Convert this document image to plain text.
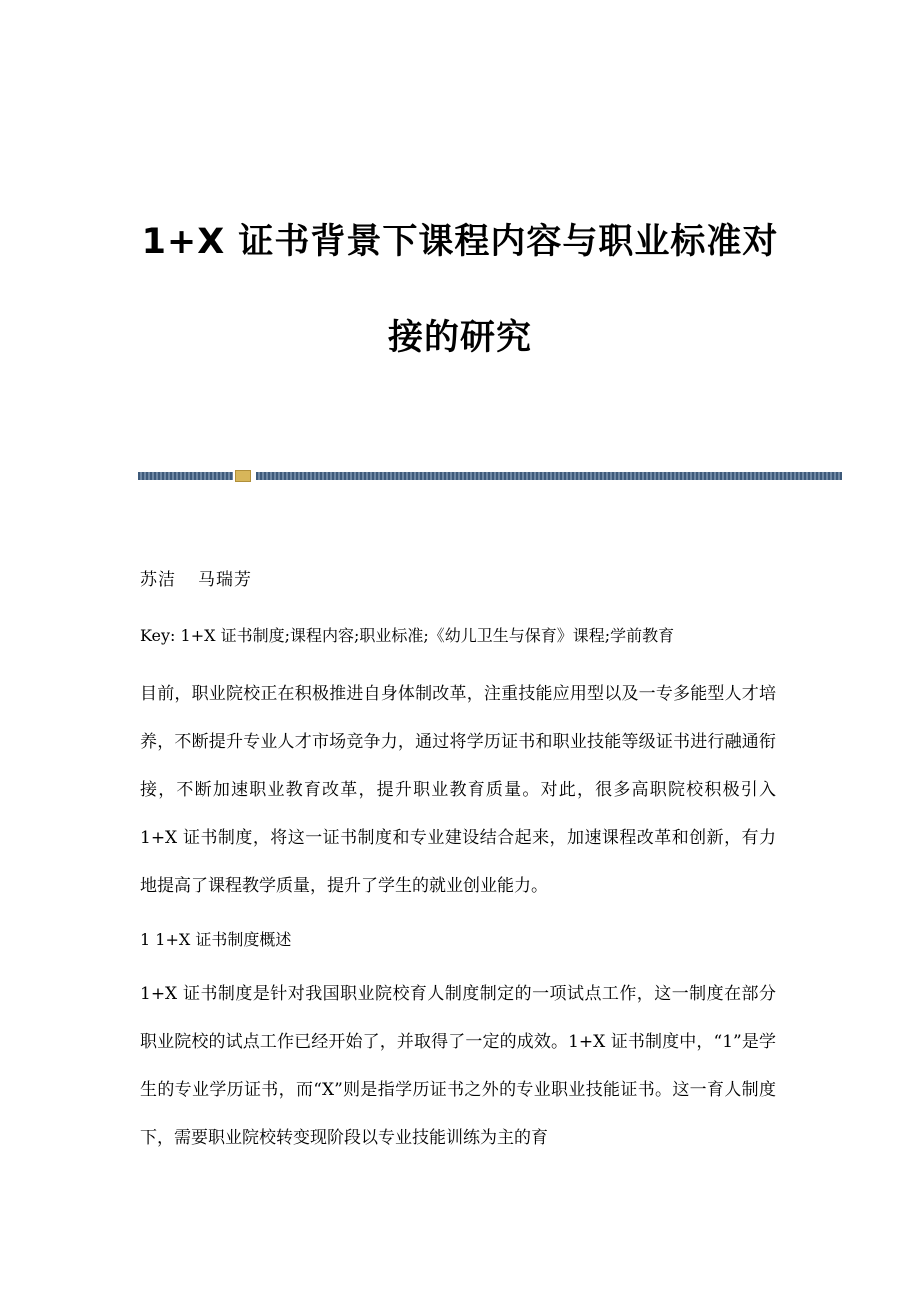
1+X 证书背景下课程内容与职业标准对
接的研究

苏洁 马瑞芳

Key: 1+X 证书制度;课程内容;职业标准;《幼儿卫生与保育》课程;学前教育

目前，职业院校正在积极推进自身体制改革，注重技能应用型以及一专多能型人才培养，不断提升专业人才市场竞争力，通过将学历证书和职业技能等级证书进行融通衔接，不断加速职业教育改革，提升职业教育质量。对此，很多高职院校积极引入 1+X 证书制度，将这一证书制度和专业建设结合起来，加速课程改革和创新，有力地提高了课程教学质量，提升了学生的就业创业能力。

1 1+X 证书制度概述

1+X 证书制度是针对我国职业院校育人制度制定的一项试点工作，这一制度在部分职业院校的试点工作已经开始了，并取得了一定的成效。1+X 证书制度中，“1”是学生的专业学历证书，而“X”则是指学历证书之外的专业职业技能证书。这一育人制度下，需要职业院校转变现阶段以专业技能训练为主的育
